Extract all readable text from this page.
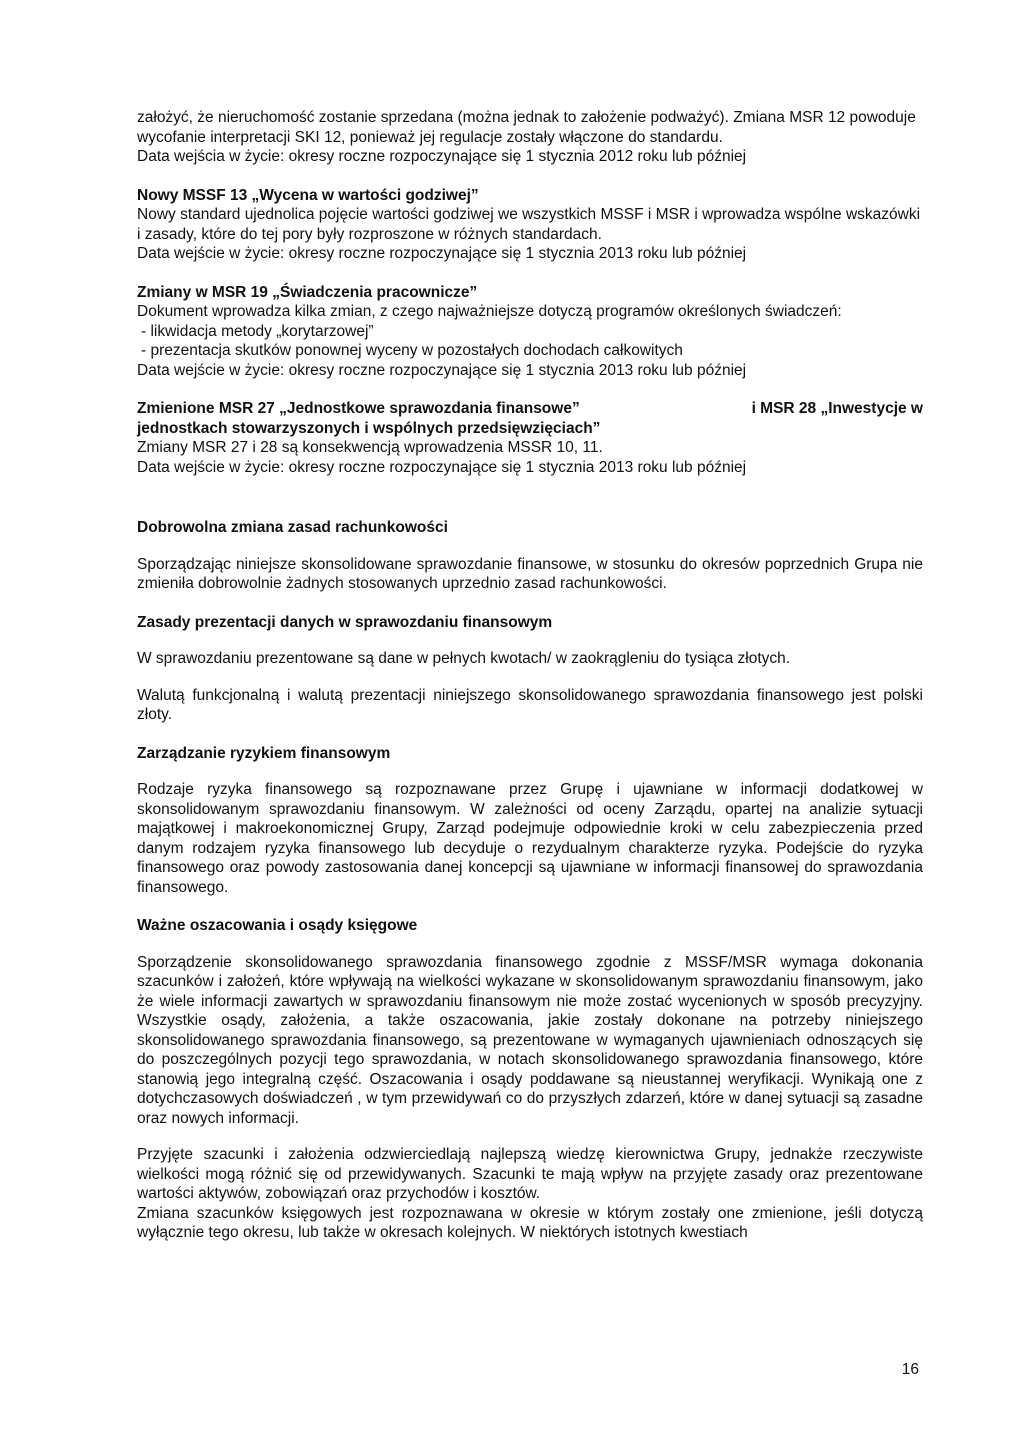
założyć, że nieruchomość zostanie sprzedana (można jednak to założenie podważyć). Zmiana MSR 12 powoduje wycofanie interpretacji SKI 12, ponieważ jej regulacje zostały włączone do standardu.

Data wejścia w życie: okresy roczne rozpoczynające się 1 stycznia 2012 roku lub później

Nowy MSSF 13 „Wycena w wartości godziwej”

Nowy standard ujednolica pojęcie wartości godziwej we wszystkich MSSF i MSR i wprowadza wspólne wskazówki i zasady, które do tej pory były rozproszone w różnych standardach.

Data wejście w życie: okresy roczne rozpoczynające się 1 stycznia 2013 roku lub później

Zmiany w MSR 19 „Świadczenia pracownicze”

Dokument wprowadza kilka zmian, z czego najważniejsze dotyczą programów określonych świadczeń:

- likwidacja metody „korytarzowej”

- prezentacja skutków ponownej wyceny w pozostałych dochodach całkowitych

Data wejście w życie: okresy roczne rozpoczynające się 1 stycznia 2013 roku lub później

Zmienione MSR 27 „Jednostkowe sprawozdania finansowe”	i MSR 28 „Inwestycje w

jednostkach stowarzyszonych i wspólnych przedsięwzięciach”

Zmiany MSR 27 i 28 są konsekwencją wprowadzenia MSSR 10, 11.

Data wejście w życie: okresy roczne rozpoczynające się 1 stycznia 2013 roku lub później

Dobrowolna zmiana zasad rachunkowości

Sporządzając niniejsze skonsolidowane sprawozdanie finansowe, w stosunku do okresów poprzednich Grupa nie zmieniła dobrowolnie żadnych stosowanych uprzednio zasad rachunkowości.

Zasady prezentacji danych w sprawozdaniu finansowym

W sprawozdaniu prezentowane są dane w pełnych kwotach/ w zaokrągleniu do tysiąca złotych.

Walutą funkcjonalną i walutą prezentacji niniejszego skonsolidowanego sprawozdania finansowego jest polski złoty.

Zarządzanie ryzykiem finansowym

Rodzaje ryzyka finansowego są rozpoznawane przez Grupę i ujawniane w informacji dodatkowej w skonsolidowanym sprawozdaniu finansowym. W zależności od oceny Zarządu, opartej na analizie sytuacji majątkowej i makroekonomicznej Grupy, Zarząd podejmuje odpowiednie kroki w celu zabezpieczenia przed danym rodzajem ryzyka finansowego lub decyduje o rezydualnym charakterze ryzyka. Podejście do ryzyka finansowego oraz powody zastosowania danej koncepcji są ujawniane w informacji finansowej do sprawozdania finansowego.

Ważne oszacowania i osądy księgowe

Sporządzenie skonsolidowanego sprawozdania finansowego zgodnie z MSSF/MSR wymaga dokonania szacunków i założeń, które wpływają na wielkości wykazane w skonsolidowanym sprawozdaniu finansowym, jako że wiele informacji zawartych w sprawozdaniu finansowym nie może zostać wycenionych w sposób precyzyjny. Wszystkie osądy, założenia, a także oszacowania, jakie zostały dokonane na potrzeby niniejszego skonsolidowanego sprawozdania finansowego, są prezentowane w wymaganych ujawnieniach odnoszących się do poszczególnych pozycji tego sprawozdania, w notach skonsolidowanego sprawozdania finansowego, które stanowią jego integralną część. Oszacowania i osądy poddawane są nieustannej weryfikacji. Wynikają one z dotychczasowych doświadczeń , w tym przewidywań co do przyszłych zdarzeń, które w danej sytuacji są zasadne oraz nowych informacji.

Przyjęte szacunki i założenia odzwierciedlają najlepszą wiedzę kierownictwa Grupy, jednakże rzeczywiste wielkości mogą różnić się od przewidywanych. Szacunki te mają wpływ na przyjęte zasady oraz prezentowane wartości aktywów, zobowiązań oraz przychodów i kosztów.

Zmiana szacunków księgowych jest rozpoznawana w okresie w którym zostały one zmienione, jeśli dotyczą wyłącznie tego okresu, lub także w okresach kolejnych. W niektórych istotnych kwestiach

16
